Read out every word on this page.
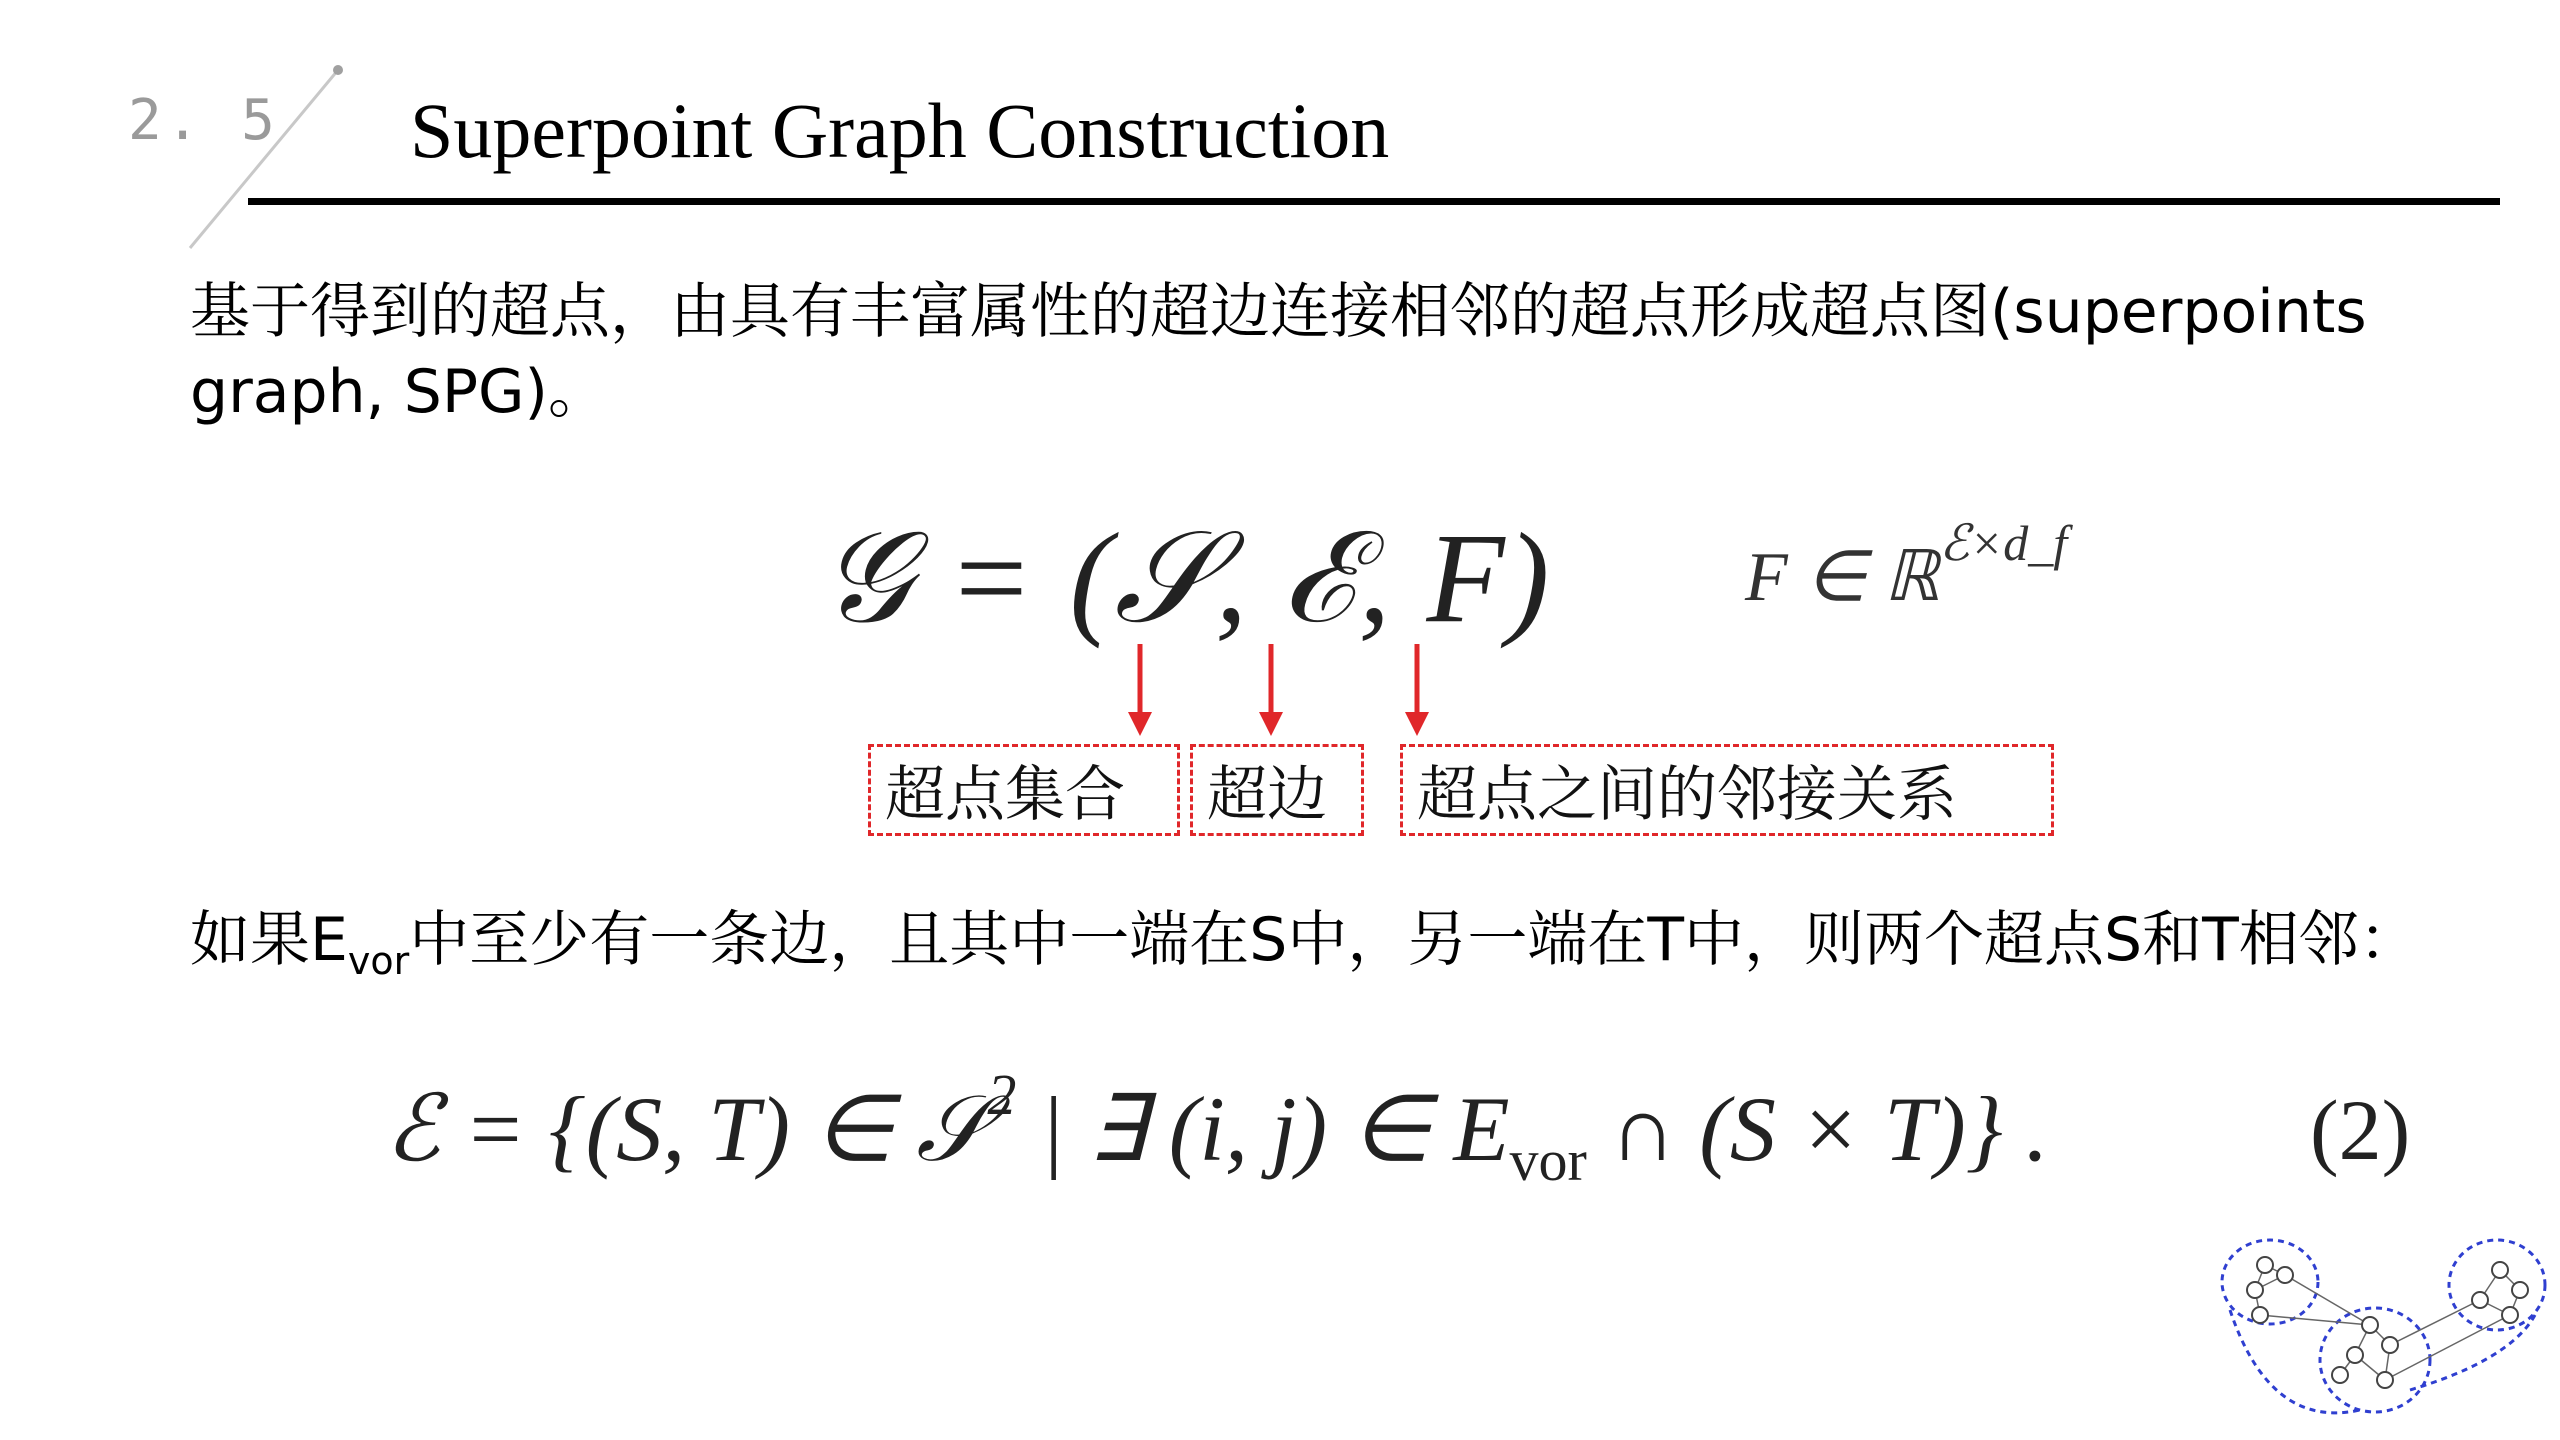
2. 5 Superpoint Graph Construction
基于得到的超点，由具有丰富属性的超边连接相邻的超点形成超点图(superpoints graph, SPG)。
𝒢 = (𝒮, ℰ, F)	F ∈ ℝ$^{ℰ\times d\_f}$
超点集合 超边 超点之间的邻接关系
如果$E_{vor}$中至少有一条边，且其中一端在S中，另一端在T中，则两个超点S和T相邻：
ℰ = {(S, T) ∈ 𝒮$^2$ | ∃ (i, j) ∈ $E_{vor}$ ∩ (S × T)} .	(2)
